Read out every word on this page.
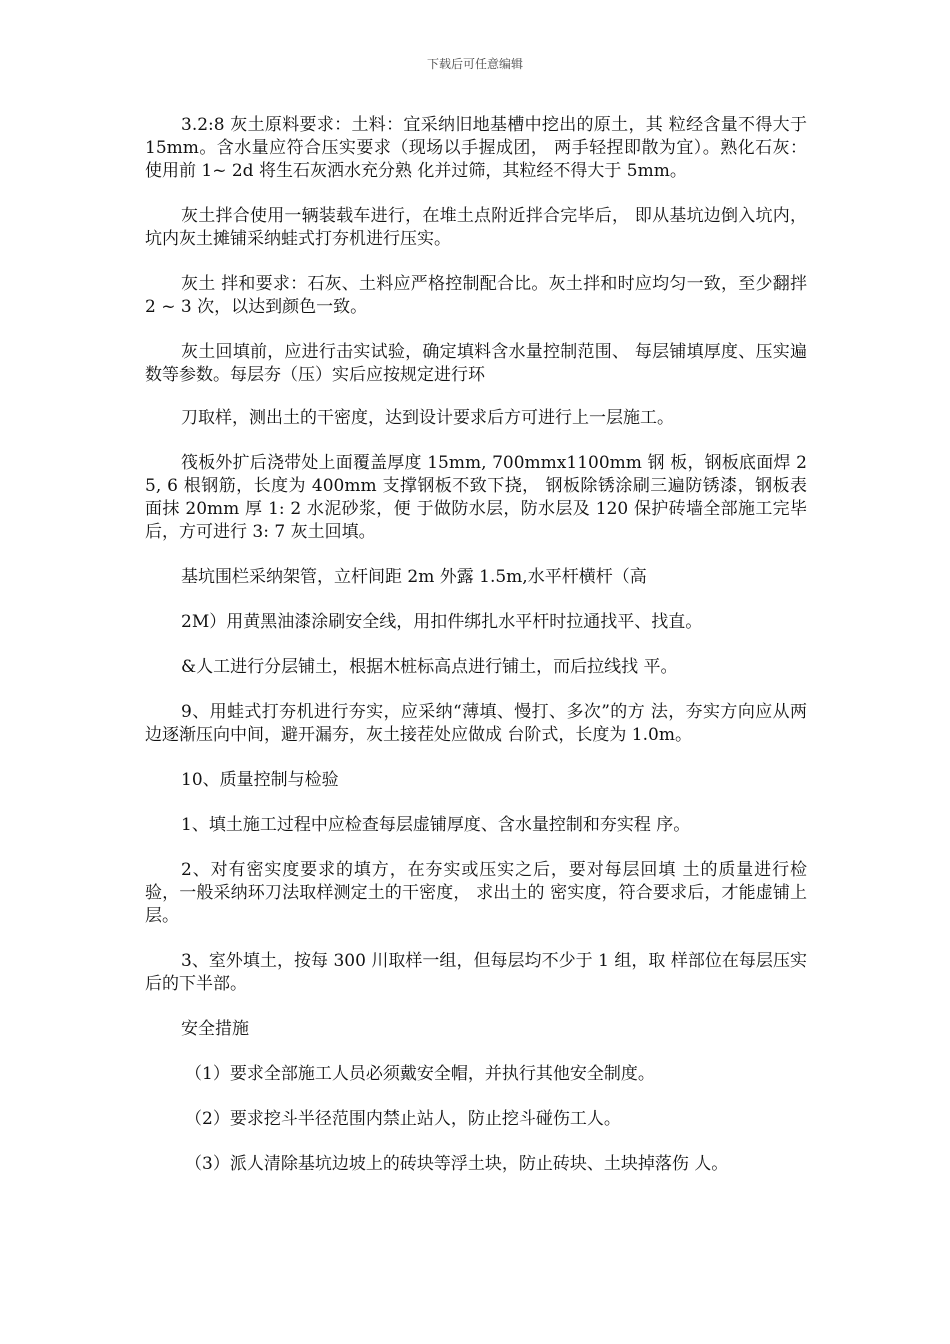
下载后可任意编辑

3.2:8 灰土原料要求：土料：宜采纳旧地基槽中挖出的原土，其 粒经含量不得大于 15mm。含水量应符合压实要求（现场以手握成团， 两手轻捏即散为宜）。熟化石灰：使用前 1~ 2d 将生石灰洒水充分熟 化并过筛，其粒经不得大于 5mm。

灰土拌合使用一辆装载车进行，在堆土点附近拌合完毕后， 即从基坑边倒入坑内， 坑内灰土摊铺采纳蛙式打夯机进行压实。

灰土 拌和要求：石灰、土料应严格控制配合比。灰土拌和时应均匀一致，至少翻拌 2 ~ 3 次，以达到颜色一致。

灰土回填前，应进行击实试验，确定填料含水量控制范围、 每层铺填厚度、压实遍数等参数。每层夯（压）实后应按规定进行环

刀取样，测出土的干密度，达到设计要求后方可进行上一层施工。

筏板外扩后浇带处上面覆盖厚度 15mm, 700mmx1100mm 钢 板，钢板底面焊 25, 6 根钢筋，长度为 400mm 支撑钢板不致下挠， 钢板除锈涂刷三遍防锈漆，钢板表面抹 20mm 厚 1: 2 水泥砂浆，便 于做防水层，防水层及 120 保护砖墙全部施工完毕后，方可进行 3: 7 灰土回填。

基坑围栏采纳架管，立杆间距 2m 外露 1.5m,水平杆横杆（高

2M）用黄黑油漆涂刷安全线，用扣件绑扎水平杆时拉通找平、找直。

&人工进行分层铺土，根据木桩标高点进行铺土，而后拉线找 平。

9、用蛙式打夯机进行夯实，应采纳“薄填、慢打、多次”的方 法，夯实方向应从两边逐渐压向中间，避开漏夯，灰土接茬处应做成 台阶式，长度为 1.0m。

10、质量控制与检验

1、填土施工过程中应检查每层虚铺厚度、含水量控制和夯实程 序。

2、对有密实度要求的填方，在夯实或压实之后，要对每层回填 土的质量进行检验，一般采纳环刀法取样测定土的干密度， 求出土的 密实度，符合要求后，才能虚铺上层。

3、室外填土，按每 300 川取样一组，但每层均不少于 1 组，取 样部位在每层压实后的下半部。

安全措施

（1）要求全部施工人员必须戴安全帽，并执行其他安全制度。

（2）要求挖斗半径范围内禁止站人，防止挖斗碰伤工人。

（3）派人清除基坑边坡上的砖块等浮土块，防止砖块、土块掉落伤 人。
